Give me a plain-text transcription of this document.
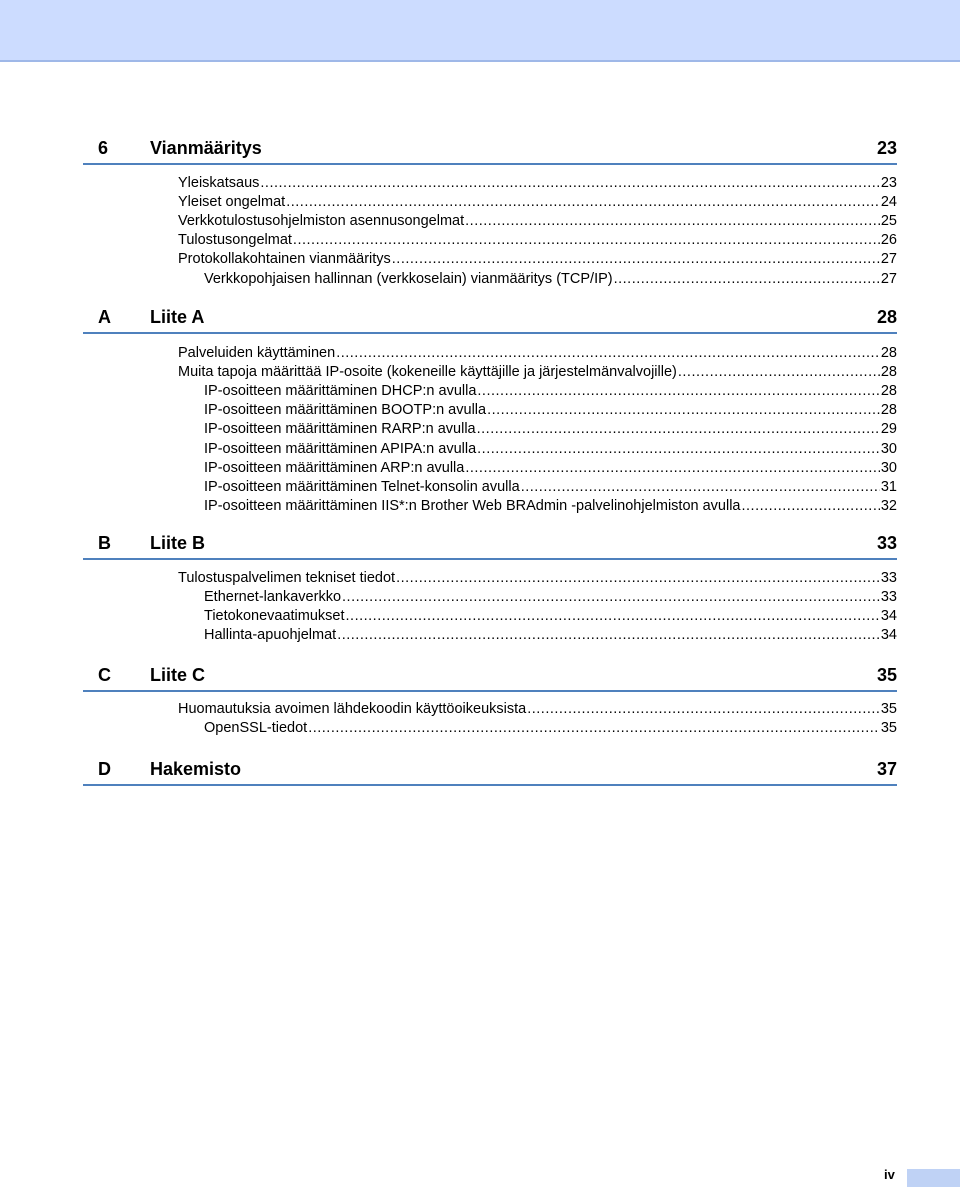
6 Vianmääritys	23
Yleiskatsaus .....	23
Yleiset ongelmat .....	24
Verkkotulostusohjelmiston asennusongelmat .....	25
Tulostusongelmat .....	26
Protokollakohtainen vianmääritys .....	27
Verkkopohjaisen hallinnan (verkkoselain) vianmääritys (TCP/IP) .....	27
A Liite A	28
Palveluiden käyttäminen .....	28
Muita tapoja määrittää IP-osoite (kokeneille käyttäjille ja järjestelmänvalvojille) .....	28
IP-osoitteen määrittäminen DHCP:n avulla .....	28
IP-osoitteen määrittäminen BOOTP:n avulla .....	28
IP-osoitteen määrittäminen RARP:n avulla .....	29
IP-osoitteen määrittäminen APIPA:n avulla .....	30
IP-osoitteen määrittäminen ARP:n avulla .....	30
IP-osoitteen määrittäminen Telnet-konsolin avulla .....	31
IP-osoitteen määrittäminen IIS*:n Brother Web BRAdmin -palvelinohjelmiston avulla .....	32
B Liite B	33
Tulostuspalvelimen tekniset tiedot .....	33
Ethernet-lankaverkko .....	33
Tietokonevaatimukset .....	34
Hallinta-apuohjelmat .....	34
C Liite C	35
Huomautuksia avoimen lähdekoodin käyttöoikeuksista .....	35
OpenSSL-tiedot .....	35
D Hakemisto	37
iv
